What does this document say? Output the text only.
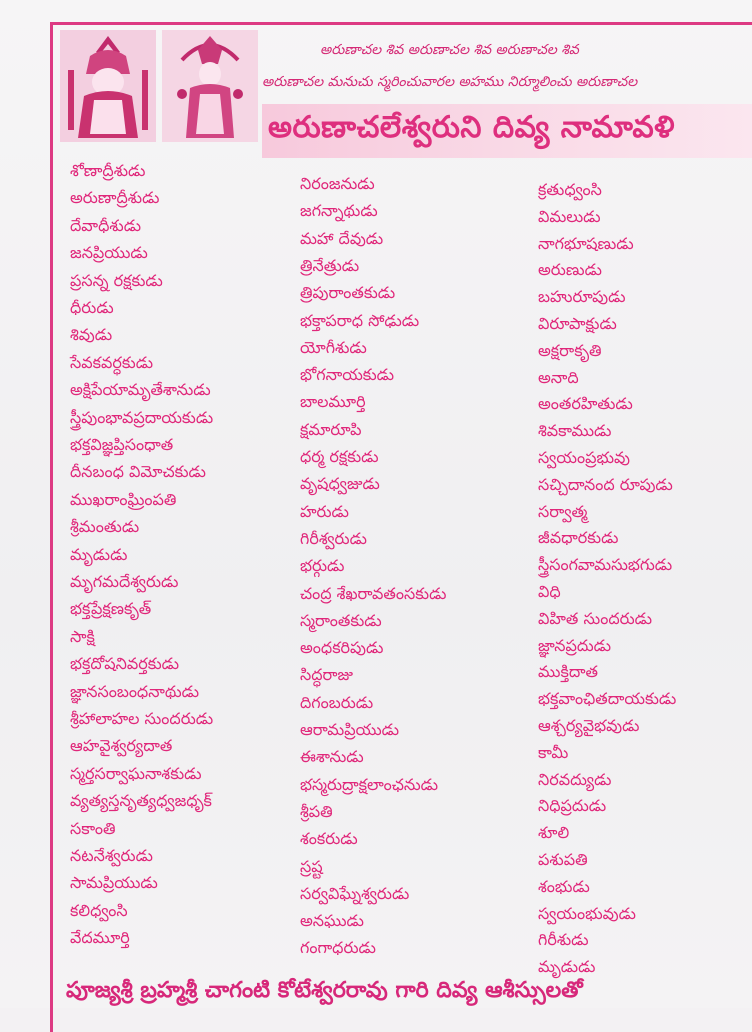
అరుణాచల శివ అరుణాచల శివ అరుణాచల శివ
అరుణాచల మనుచు స్మరించువారల అహము నిర్మూలించు అరుణాచల
అరుణాచలేశ్వరుని దివ్య నామావళి
శోణాద్రీశుడు
అరుణాద్రీశుడు
దేవాధీశుడు
జనప్రియుడు
ప్రసన్న రక్షకుడు
ధీరుడు
శివుడు
సేవకవర్ధకుడు
అక్షిపేయామృతేశానుడు
స్త్రీపుంభావప్రదాయకుడు
భక్తవిజ్ఞప్తిసంధాత
దీనబంధ విమోచకుడు
ముఖరాంఘ్రింపతి
శ్రీమంతుడు
మృడుడు
మృగమదేశ్వరుడు
భక్తప్రేక్షణకృత్
సాక్షి
భక్తదోషనివర్తకుడు
జ్ఞానసంబంధనాథుడు
శ్రీహాలాహల సుందరుడు
ఆహవైశ్వర్యదాత
స్మర్తసర్వాఘనాశకుడు
వ్యత్యస్తనృత్యధ్వజధృక్
సకాంతి
నటనేశ్వరుడు
సామప్రియుడు
కలిధ్వంసి
వేదమూర్తి
నిరంజనుడు
జగన్నాథుడు
మహా దేవుడు
త్రినేత్రుడు
త్రిపురాంతకుడు
భక్తాపరాధ సోఢుడు
యోగీశుడు
భోగనాయకుడు
బాలమూర్తి
క్షమారూపి
ధర్మ రక్షకుడు
వృషధ్వజుడు
హరుడు
గిరీశ్వరుడు
భర్గుడు
చంద్ర శేఖరావతంసకుడు
స్మరాంతకుడు
అంధకరిపుడు
సిద్ధరాజు
దిగంబరుడు
ఆరామప్రియుడు
ఈశానుడు
భస్మరుద్రాక్షలాంఛనుడు
శ్రీపతి
శంకరుడు
స్రష్ట
సర్వవిఘ్నేశ్వరుడు
అనఘుడు
గంగాధరుడు
క్రతుధ్వంసి
విమలుడు
నాగభూషణుడు
అరుణుడు
బహురూపుడు
విరూపాక్షుడు
అక్షరాకృతి
అనాది
అంతరహితుడు
శివకాముడు
స్వయంప్రభువు
సచ్చిదానంద రూపుడు
సర్వాత్మ
జీవధారకుడు
స్త్రీసంగవామసుభగుడు
విధి
విహిత సుందరుడు
జ్ఞానప్రదుడు
ముక్తిదాత
భక్తవాంఛితదాయకుడు
ఆశ్చర్యవైభవుడు
కామీ
నిరవద్యుడు
నిధిప్రదుడు
శూలి
పశుపతి
శంభుడు
స్వయంభువుడు
గిరీశుడు
మృడుడు
పూజ్యశ్రీ బ్రహ్మశ్రీ చాగంటి కోటేశ్వరరావు గారి దివ్య ఆశీస్సులతో
